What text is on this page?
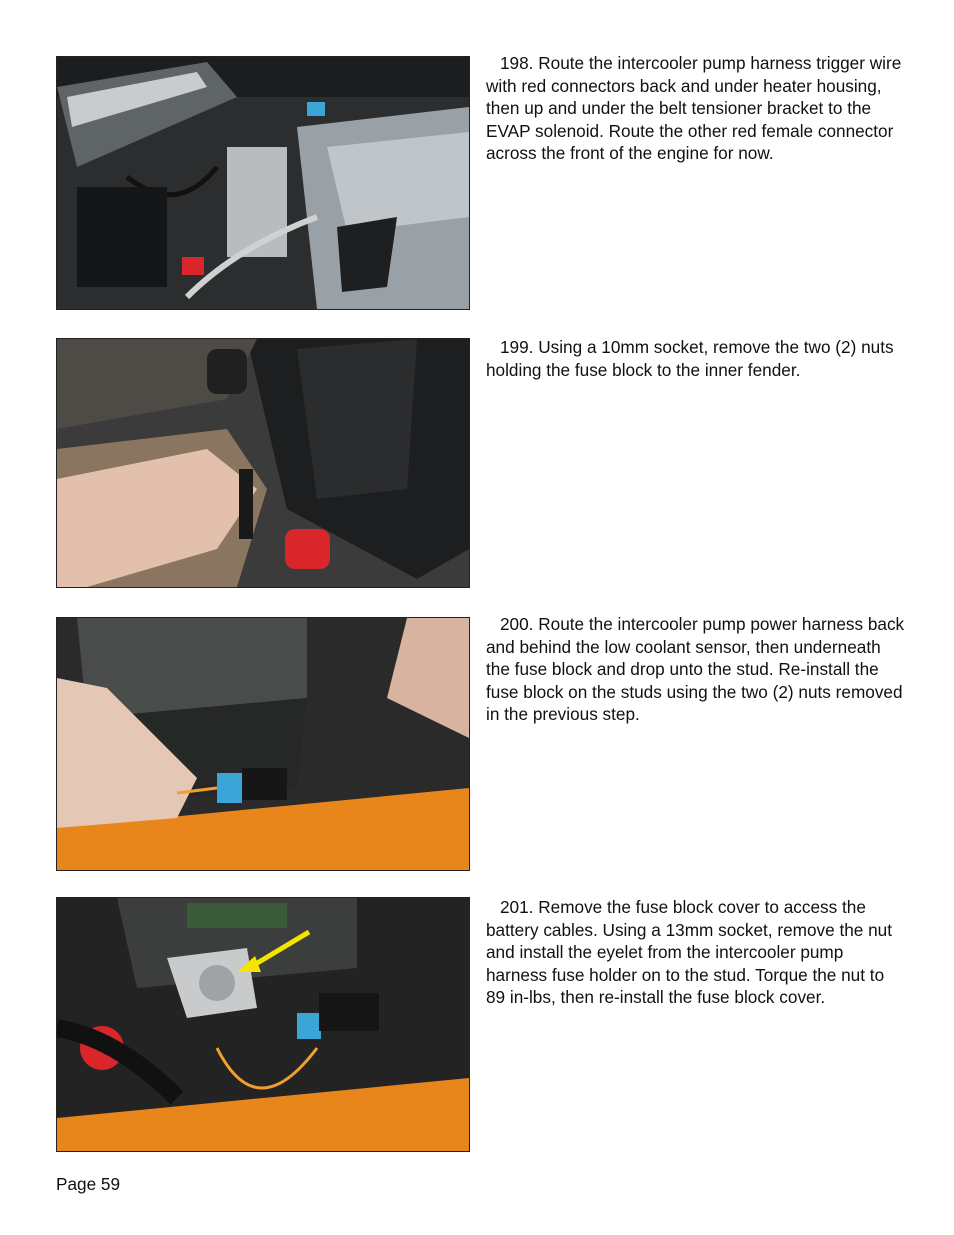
198. Route the intercooler pump harness trigger wire with red connectors back and under heater housing, then up and under the belt tensioner bracket to the EVAP solenoid. Route the other red female connector across the front of the engine for now.

199. Using a 10mm socket, remove the two (2) nuts holding the fuse block to the inner fender.

200. Route the intercooler pump power harness back and behind the low coolant sensor, then underneath the fuse block and drop unto the stud. Re-install the fuse block on the studs using the two (2) nuts removed in the previous step.

201. Remove the fuse block cover to access the battery cables. Using a 13mm socket, remove the nut and install the eyelet from the intercooler pump harness fuse holder on to the stud. Torque the nut to 89 in-lbs, then re-install the fuse block cover.

Page 59
